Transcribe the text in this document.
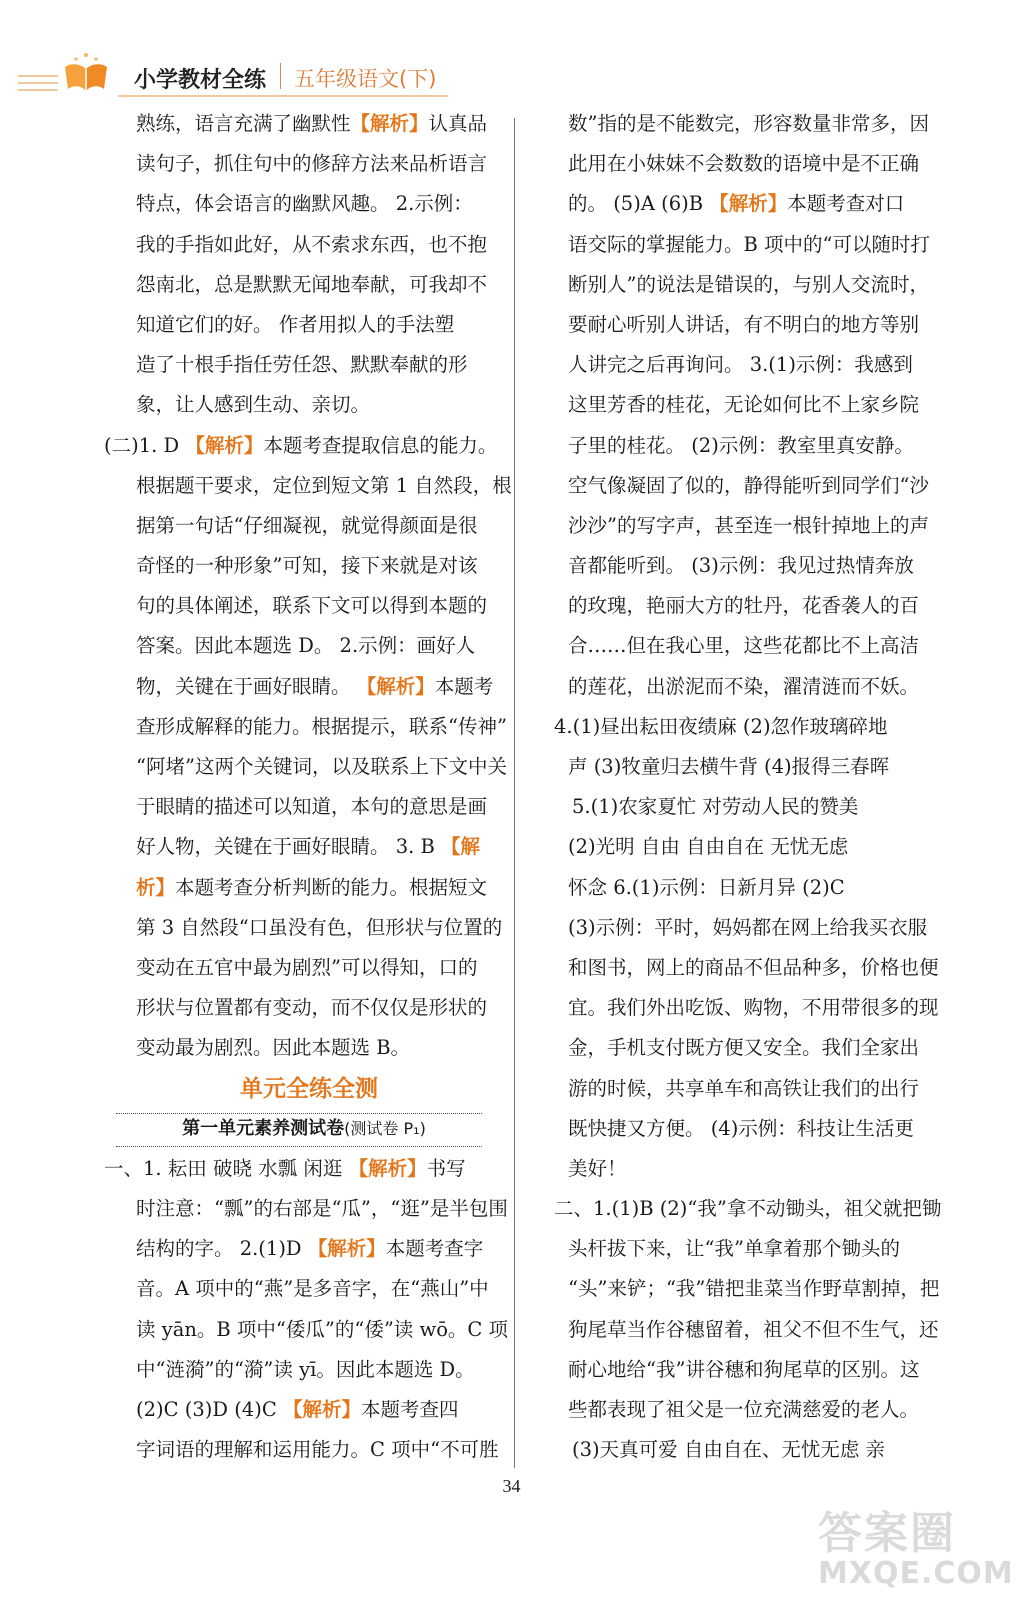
小学教材全练 五年级语文(下)
熟练，语言充满了幽默性【解析】认真品
读句子，抓住句中的修辞方法来品析语言
特点，体会语言的幽默风趣。 2.示例：
我的手指如此好，从不索求东西，也不抱
怨南北，总是默默无闻地奉献，可我却不
知道它们的好。 作者用拟人的手法塑
造了十根手指任劳任怨、默默奉献的形
象，让人感到生动、亲切。
(二)1. D 【解析】本题考查提取信息的能力。
根据题干要求，定位到短文第 1 自然段，根
据第一句话“仔细凝视，就觉得颜面是很
奇怪的一种形象”可知，接下来就是对该
句的具体阐述，联系下文可以得到本题的
答案。因此本题选 D。 2.示例：画好人
物，关键在于画好眼睛。 【解析】本题考
查形成解释的能力。根据提示，联系“传神”
“阿堵”这两个关键词，以及联系上下文中关
于眼睛的描述可以知道，本句的意思是画
好人物，关键在于画好眼睛。 3. B 【解
析】本题考查分析判断的能力。根据短文
第 3 自然段“口虽没有色，但形状与位置的
变动在五官中最为剧烈”可以得知，口的
形状与位置都有变动，而不仅仅是形状的
变动最为剧烈。因此本题选 B。
单元全练全测
第一单元素养测试卷(测试卷 P₁)
一、1. 耘田 破晓 水瓢 闲逛 【解析】书写
时注意：“瓢”的右部是“瓜”，“逛”是半包围
结构的字。 2.(1)D 【解析】本题考查字
音。A 项中的“燕”是多音字，在“燕山”中
读 yān。B 项中“倭瓜”的“倭”读 wō。C 项
中“涟漪”的“漪”读 yī。因此本题选 D。
(2)C (3)D (4)C 【解析】本题考查四
字词语的理解和运用能力。C 项中“不可胜
数”指的是不能数完，形容数量非常多，因
此用在小妹妹不会数数的语境中是不正确
的。 (5)A (6)B 【解析】本题考查对口
语交际的掌握能力。B 项中的“可以随时打
断别人”的说法是错误的，与别人交流时，
要耐心听别人讲话，有不明白的地方等别
人讲完之后再询问。 3.(1)示例：我感到
这里芳香的桂花，无论如何比不上家乡院
子里的桂花。 (2)示例：教室里真安静。
空气像凝固了似的，静得能听到同学们“沙
沙沙”的写字声，甚至连一根针掉地上的声
音都能听到。 (3)示例：我见过热情奔放
的玫瑰，艳丽大方的牡丹，花香袭人的百
合……但在我心里，这些花都比不上高洁
的莲花，出淤泥而不染，濯清涟而不妖。
4.(1)昼出耘田夜绩麻 (2)忽作玻璃碎地
声 (3)牧童归去横牛背 (4)报得三春晖
5.(1)农家夏忙 对劳动人民的赞美
(2)光明 自由 自由自在 无忧无虑
怀念 6.(1)示例：日新月异 (2)C
(3)示例：平时，妈妈都在网上给我买衣服
和图书，网上的商品不但品种多，价格也便
宜。我们外出吃饭、购物，不用带很多的现
金，手机支付既方便又安全。我们全家出
游的时候，共享单车和高铁让我们的出行
既快捷又方便。 (4)示例：科技让生活更
美好！
二、1.(1)B (2)“我”拿不动锄头，祖父就把锄
头杆拔下来，让“我”单拿着那个锄头的
“头”来铲；“我”错把韭菜当作野草割掉，把
狗尾草当作谷穗留着，祖父不但不生气，还
耐心地给“我”讲谷穗和狗尾草的区别。这
些都表现了祖父是一位充满慈爱的老人。
(3)天真可爱 自由自在、无忧无虑 亲
34
答案圈
MXQE.COM
